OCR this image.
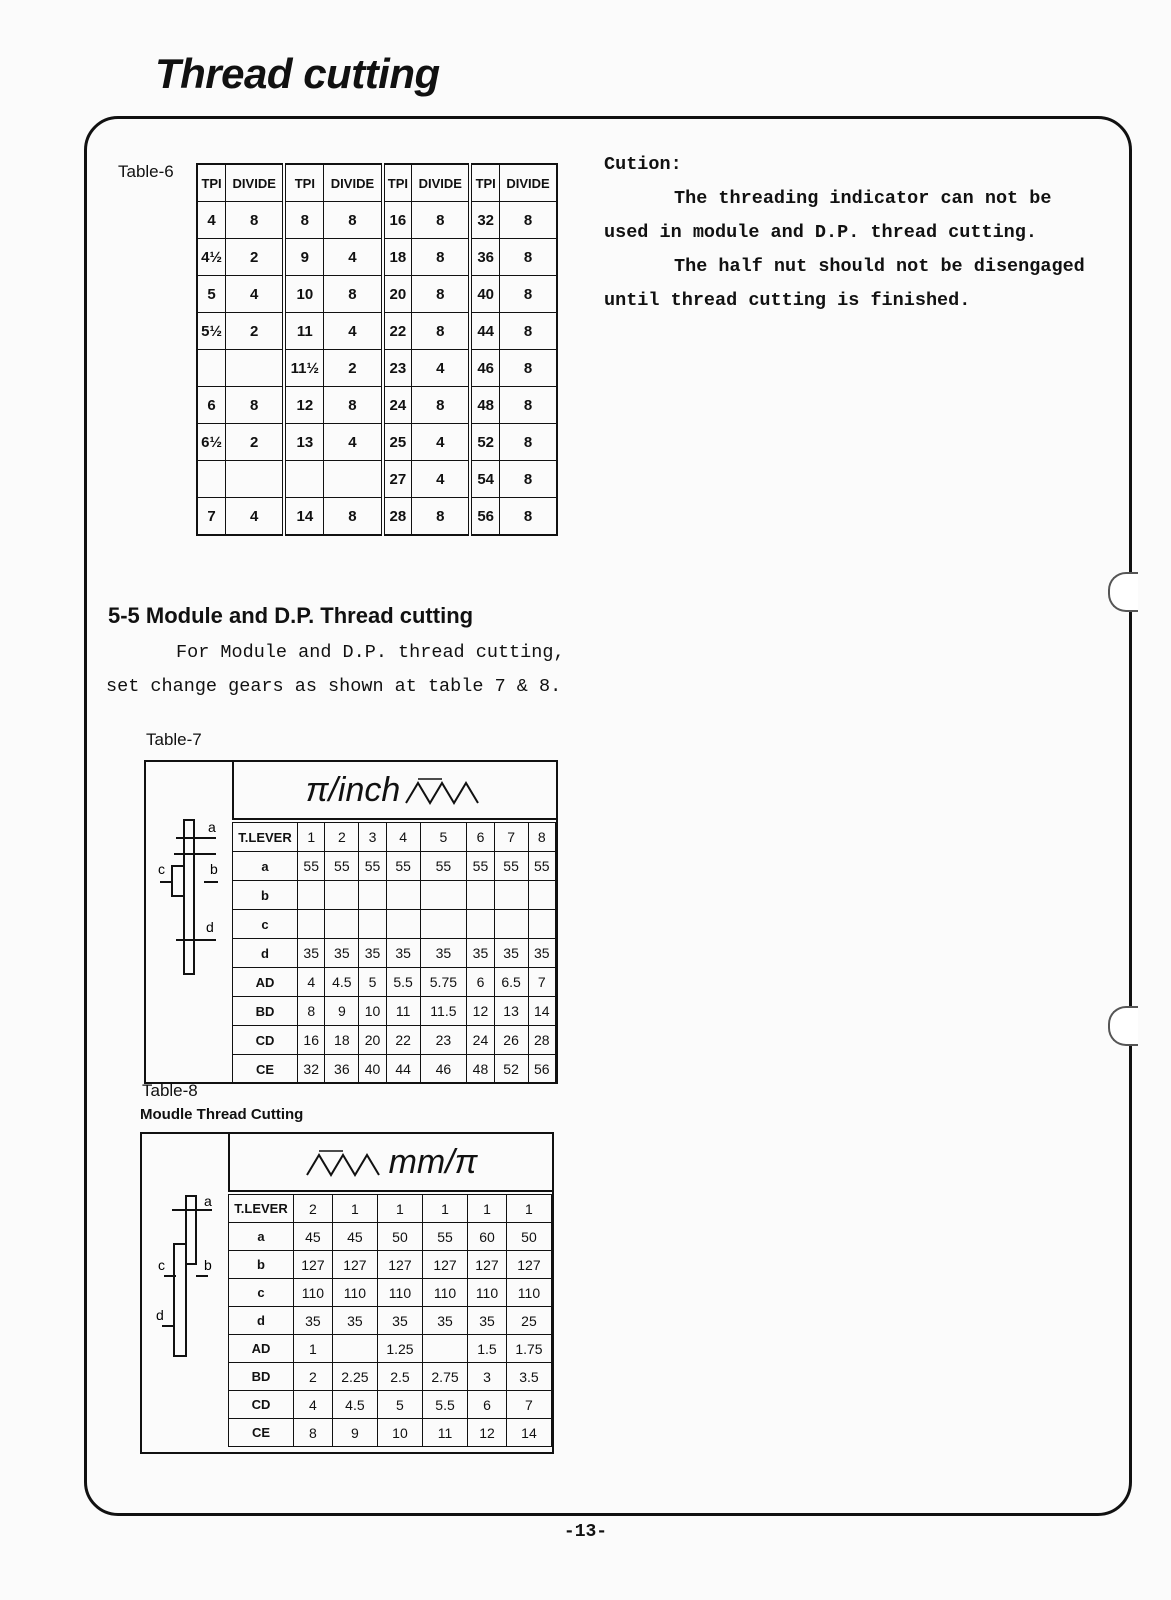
Thread cutting
Table-6
TPI	DIVIDE	TPI	DIVIDE	TPI	DIVIDE	TPI	DIVIDE
4	8	8	8	16	8	32	8
4½	2	9	4	18	8	36	8
5	4	10	8	20	8	40	8
5½	2	11	4	22	8	44	8
		11½	2	23	4	46	8
6	8	12	8	24	8	48	8
6½	2	13	4	25	4	52	8
				27	4	54	8
7	4	14	8	28	8	56	8

Cution:

The threading indicator can not be used in module and D.P. thread cutting.

The half nut should not be disengaged until thread cutting is finished.

5-5 Module and D.P. Thread cutting

For Module and D.P. thread cutting, set change gears as shown at table 7 & 8.

Table-7
a
b
c
d
π/inch
T.LEVER	1	2	3	4	5	6	7	8
a	55	55	55	55	55	55	55	55
b								
c								
d	35	35	35	35	35	35	35	35
AD	4	4.5	5	5.5	5.75	6	6.5	7
BD	8	9	10	11	11.5	12	13	14
CD	16	18	20	22	23	24	26	28
CE	32	36	40	44	46	48	52	56
Table-8
Moudle Thread Cutting
a
b
c
d
mm/π
T.LEVER	2	1	1	1	1	1
a	45	45	50	55	60	50
b	127	127	127	127	127	127
c	110	110	110	110	110	110
d	35	35	35	35	35	25
AD	1		1.25		1.5	1.75
BD	2	2.25	2.5	2.75	3	3.5
CD	4	4.5	5	5.5	6	7
CE	8	9	10	11	12	14
-13-
